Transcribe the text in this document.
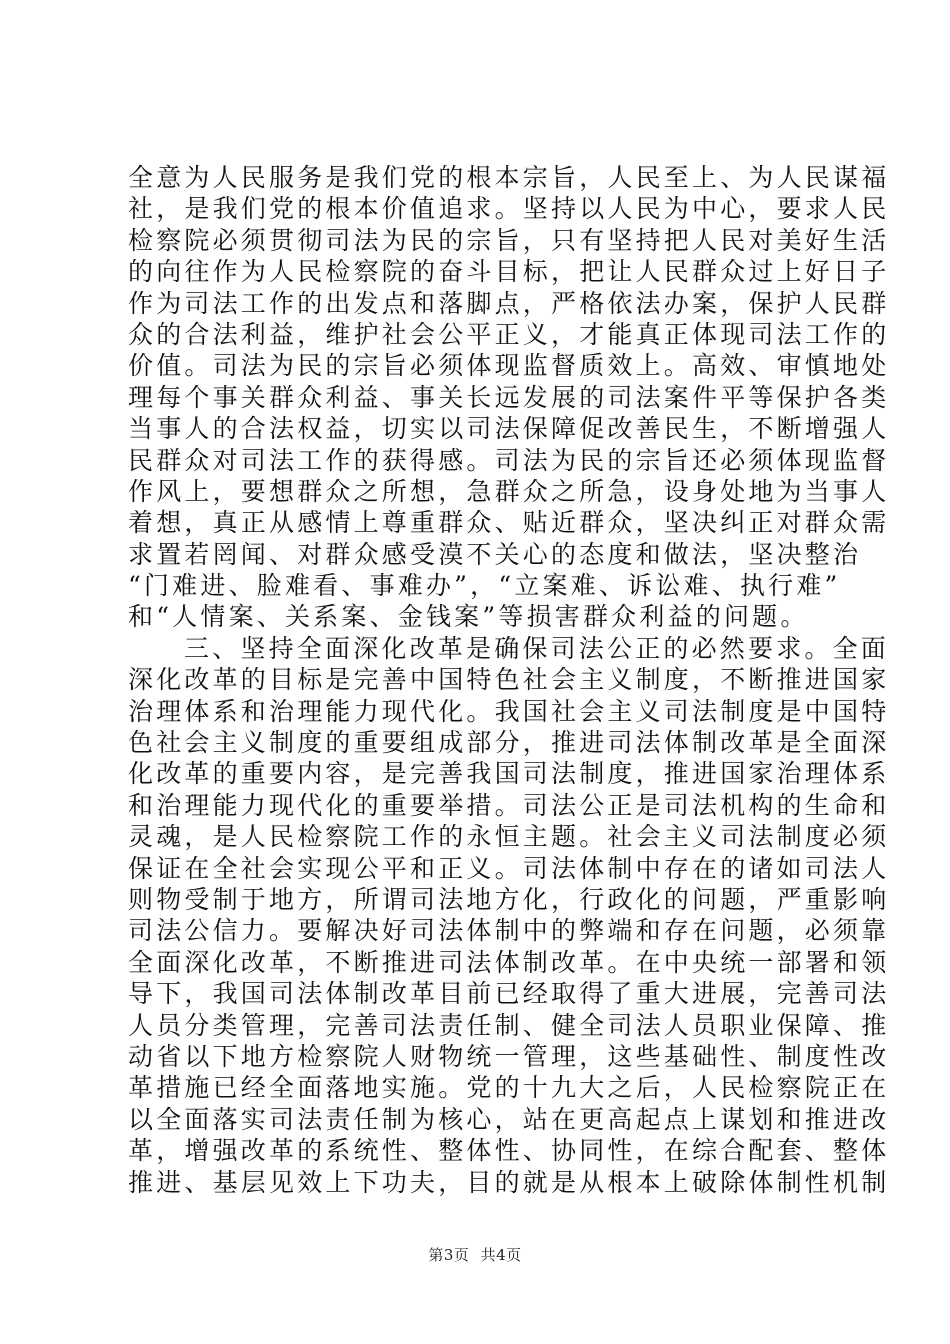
全意为人民服务是我们党的根本宗旨，人民至上、为人民谋福
社，是我们党的根本价值追求。坚持以人民为中心，要求人民
检察院必须贯彻司法为民的宗旨，只有坚持把人民对美好生活
的向往作为人民检察院的奋斗目标，把让人民群众过上好日子
作为司法工作的出发点和落脚点，严格依法办案，保护人民群
众的合法利益，维护社会公平正义，才能真正体现司法工作的
价值。司法为民的宗旨必须体现监督质效上。高效、审慎地处
理每个事关群众利益、事关长远发展的司法案件平等保护各类
当事人的合法权益，切实以司法保障促改善民生，不断增强人
民群众对司法工作的获得感。司法为民的宗旨还必须体现监督
作风上，要想群众之所想，急群众之所急，设身处地为当事人
着想，真正从感情上尊重群众、贴近群众，坚决纠正对群众需
求置若罔闻、对群众感受漠不关心的态度和做法，坚决整治
“门难进、脸难看、事难办”，“立案难、诉讼难、执行难”
和“人情案、关系案、金钱案”等损害群众利益的问题。
三、坚持全面深化改革是确保司法公正的必然要求。全面
深化改革的目标是完善中国特色社会主义制度，不断推进国家
治理体系和治理能力现代化。我国社会主义司法制度是中国特
色社会主义制度的重要组成部分，推进司法体制改革是全面深
化改革的重要内容，是完善我国司法制度，推进国家治理体系
和治理能力现代化的重要举措。司法公正是司法机构的生命和
灵魂，是人民检察院工作的永恒主题。社会主义司法制度必须
保证在全社会实现公平和正义。司法体制中存在的诸如司法人
则物受制于地方，所谓司法地方化，行政化的问题，严重影响
司法公信力。要解决好司法体制中的弊端和存在问题，必须靠
全面深化改革，不断推进司法体制改革。在中央统一部署和领
导下，我国司法体制改革目前已经取得了重大进展，完善司法
人员分类管理，完善司法责任制、健全司法人员职业保障、推
动省以下地方检察院人财物统一管理，这些基础性、制度性改
革措施已经全面落地实施。党的十九大之后，人民检察院正在
以全面落实司法责任制为核心，站在更高起点上谋划和推进改
革，增强改革的系统性、整体性、协同性，在综合配套、整体
推进、基层见效上下功夫，目的就是从根本上破除体制性机制
第3页 共4页
